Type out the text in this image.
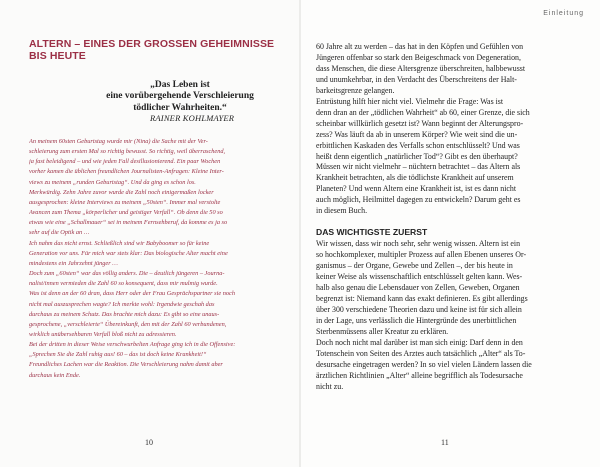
ALTERN – EINES DER GROSSEN GEHEIMNISSE
BIS HEUTE
„Das Leben ist
eine vorübergehende Verschleierung
tödlicher Wahrheiten.“
RAINER KOHLMAYER
An meinem 60sten Geburtstag wurde mir (Nina) die Sache mit der Ver-
schleierung zum ersten Mal so richtig bewusst. So richtig, weil überraschend,
ja fast beleidigend – und wie jeden Fall desillusionierend. Ein paar Wochen
vorher kamen die üblichen freundlichen Journalisten-Anfragen: Kleine Inter-
views zu meinem „runden Geburtstag“. Und da ging es schon los.
Merkwürdig. Zehn Jahre zuvor wurde die Zahl noch einigermaßen locker
ausgesprochen: kleine Interviews zu meinem „50sten“. Immer mal verstolte
Avancen zum Thema „körperlicher und geistiger Verfall“. Ob denn die 50 so
etwas wie eine „Schallmauer“ sei in meinem Fernsehberuf, da komme es ja so
sehr auf die Optik an …
Ich nahm das nicht ernst. Schließlich sind wir Babyboomer so für keine
Generation vor uns. Für mich war stets klar: Das biologische Alter macht eine
mindestens ein Jahrzehnt jünger …
Doch zum „60sten“ war das völlig anders. Die – deutlich jüngeren – Journa-
nalist/innen vermieden die Zahl 60 so konsequent, dass mir mulmig wurde.
Was ist denn an der 60 dran, dass Herr oder der Frau Gesprächspartner sie noch
nicht mal auszusprechen wagte? Ich merkte wohl: Irgendwie geschah das
durchaus zu meinem Schutz. Das brachte mich dazu: Es gibt so eine unaus-
gesprochene, „verschleierte“ Übereinkunft, den mit der Zahl 60 verbundenen,
wirklich unübersehbaren Verfall bloß nicht zu adressieren.
Bei der dritten in dieser Weise verschwurbelten Anfrage ging ich in die Offensive:
„Sprechen Sie die Zahl ruhig aus! 60 – das ist doch keine Krankheit!“
Freundliches Lachen war die Reaktion. Die Verschleierung nahm damit aber
durchaus kein Ende.
10
Einleitung
60 Jahre alt zu werden – das hat in den Köpfen und Gefühlen von
Jüngeren offenbar so stark den Beigeschmack von Degeneration,
dass Menschen, die diese Altersgrenze überschreiten, halbbewusst
und unumkehrbar, in den Verdacht des Überschreitens der Halt-
barkeitsgrenze gelangen.
Entrüstung hilft hier nicht viel. Vielmehr die Frage: Was ist
denn dran an der „tödlichen Wahrheit“ ab 60, einer Grenze, die sich
scheinbar willkürlich gesetzt ist? Wann beginnt der Alterungspro-
zess? Was läuft da ab in unserem Körper? Wie weit sind die un-
erbittlichen Kaskaden des Verfalls schon entschlüsselt? Und was
heißt denn eigentlich „natürlicher Tod“? Gibt es den überhaupt?
Müssen wir nicht vielmehr – nüchtern betrachtet – das Altern als
Krankheit betrachten, als die tödlichste Krankheit auf unserem
Planeten? Und wenn Altern eine Krankheit ist, ist es dann nicht
auch möglich, Heilmittel dagegen zu entwickeln? Darum geht es
in diesem Buch.
DAS WICHTIGSTE ZUERST
Wir wissen, dass wir noch sehr, sehr wenig wissen. Altern ist ein
so hochkomplexer, multipler Prozess auf allen Ebenen unseres Or-
ganismus – der Organe, Gewebe und Zellen –, der bis heute in
keiner Weise als wissenschaftlich entschlüsselt gelten kann. Wes-
halb also genau die Lebensdauer von Zellen, Geweben, Organen
begrenzt ist: Niemand kann das exakt definieren. Es gibt allerdings
über 300 verschiedene Theorien dazu und keine ist für sich allein
in der Lage, uns verlässlich die Hintergründe des unerbittlichen
Sterbenmüssens aller Kreatur zu erklären.
Doch noch nicht mal darüber ist man sich einig: Darf denn in den
Totenschein von Seiten des Arztes auch tatsächlich „Alter“ als To-
desursache eingetragen werden? In so viel vielen Ländern lassen die
ärztlichen Richtlinien „Alter“ alleine begrifflich als Todesursache
nicht zu.
11
